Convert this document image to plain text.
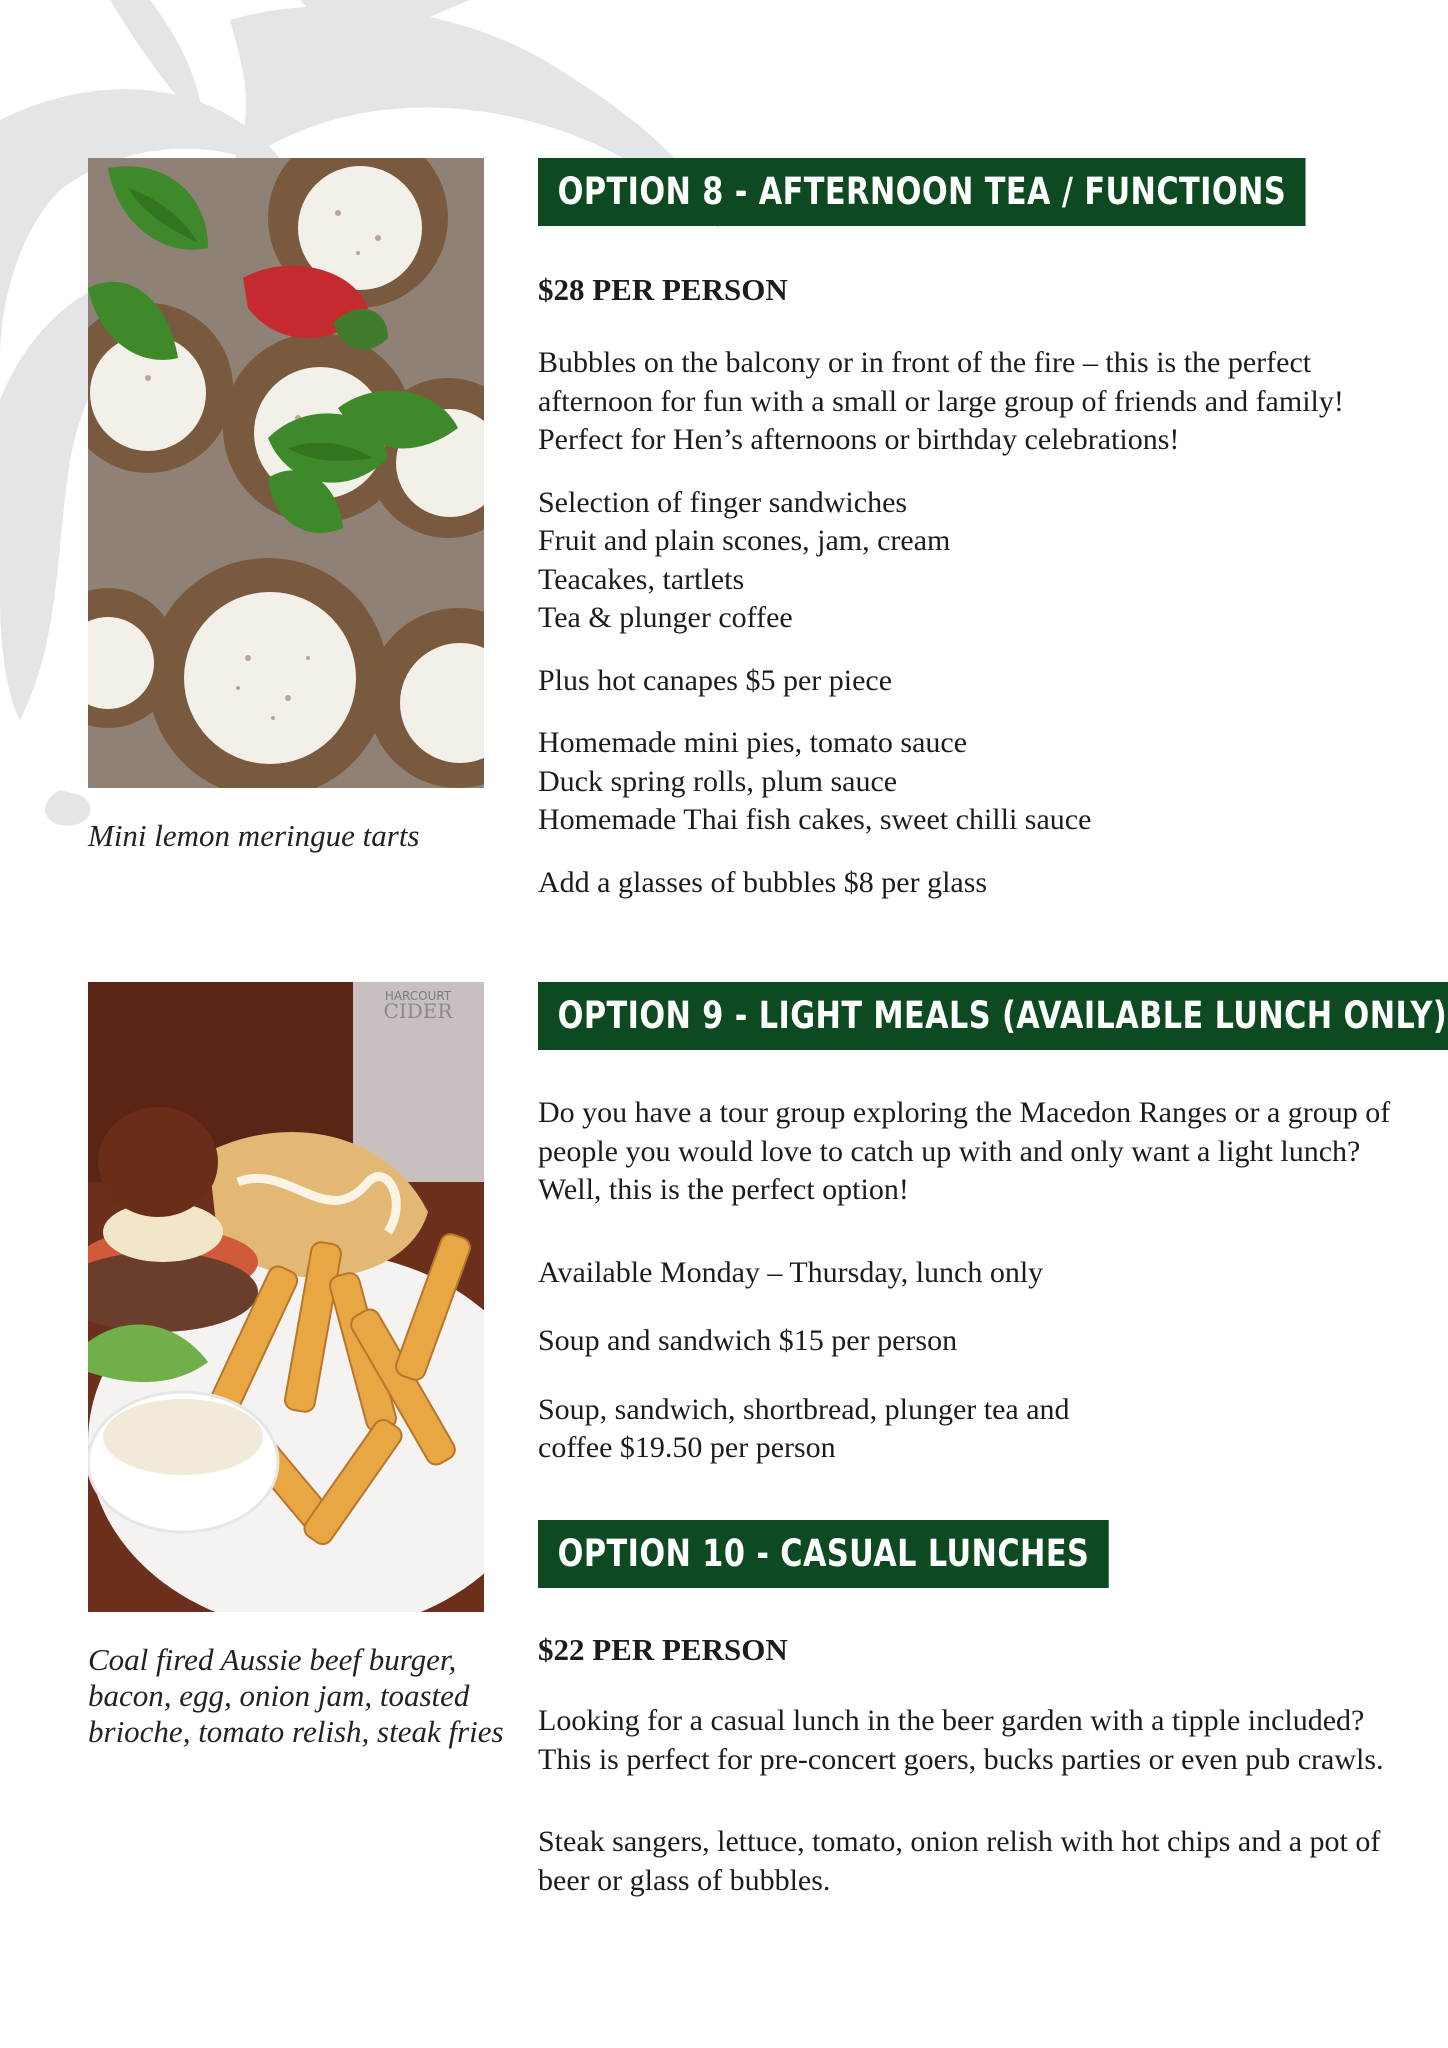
Mini lemon meringue tarts
HARCOURT
CIDER
Coal fired Aussie beef burger,
bacon, egg, onion jam, toasted
brioche, tomato relish, steak fries
OPTION 8 - AFTERNOON TEA / FUNCTIONS

$28 PER PERSON

Bubbles on the balcony or in front of the fire – this is the perfect afternoon for fun with a small or large group of friends and family! Perfect for Hen’s afternoons or birthday celebrations!

Selection of finger sandwiches
Fruit and plain scones, jam, cream
Teacakes, tartlets
Tea & plunger coffee

Plus hot canapes $5 per piece

Homemade mini pies, tomato sauce
Duck spring rolls, plum sauce
Homemade Thai fish cakes, sweet chilli sauce

Add a glasses of bubbles $8 per glass

OPTION 9 - LIGHT MEALS (AVAILABLE LUNCH ONLY)

Do you have a tour group exploring the Macedon Ranges or a group of people you would love to catch up with and only want a light lunch? Well, this is the perfect option!

Available Monday – Thursday, lunch only

Soup and sandwich $15 per person

Soup, sandwich, shortbread, plunger tea and
coffee $19.50 per person
OPTION 10 - CASUAL LUNCHES

$22 PER PERSON

Looking for a casual lunch in the beer garden with a tipple included? This is perfect for pre-concert goers, bucks parties or even pub crawls.

Steak sangers, lettuce, tomato, onion relish with hot chips and a pot of beer or glass of bubbles.
